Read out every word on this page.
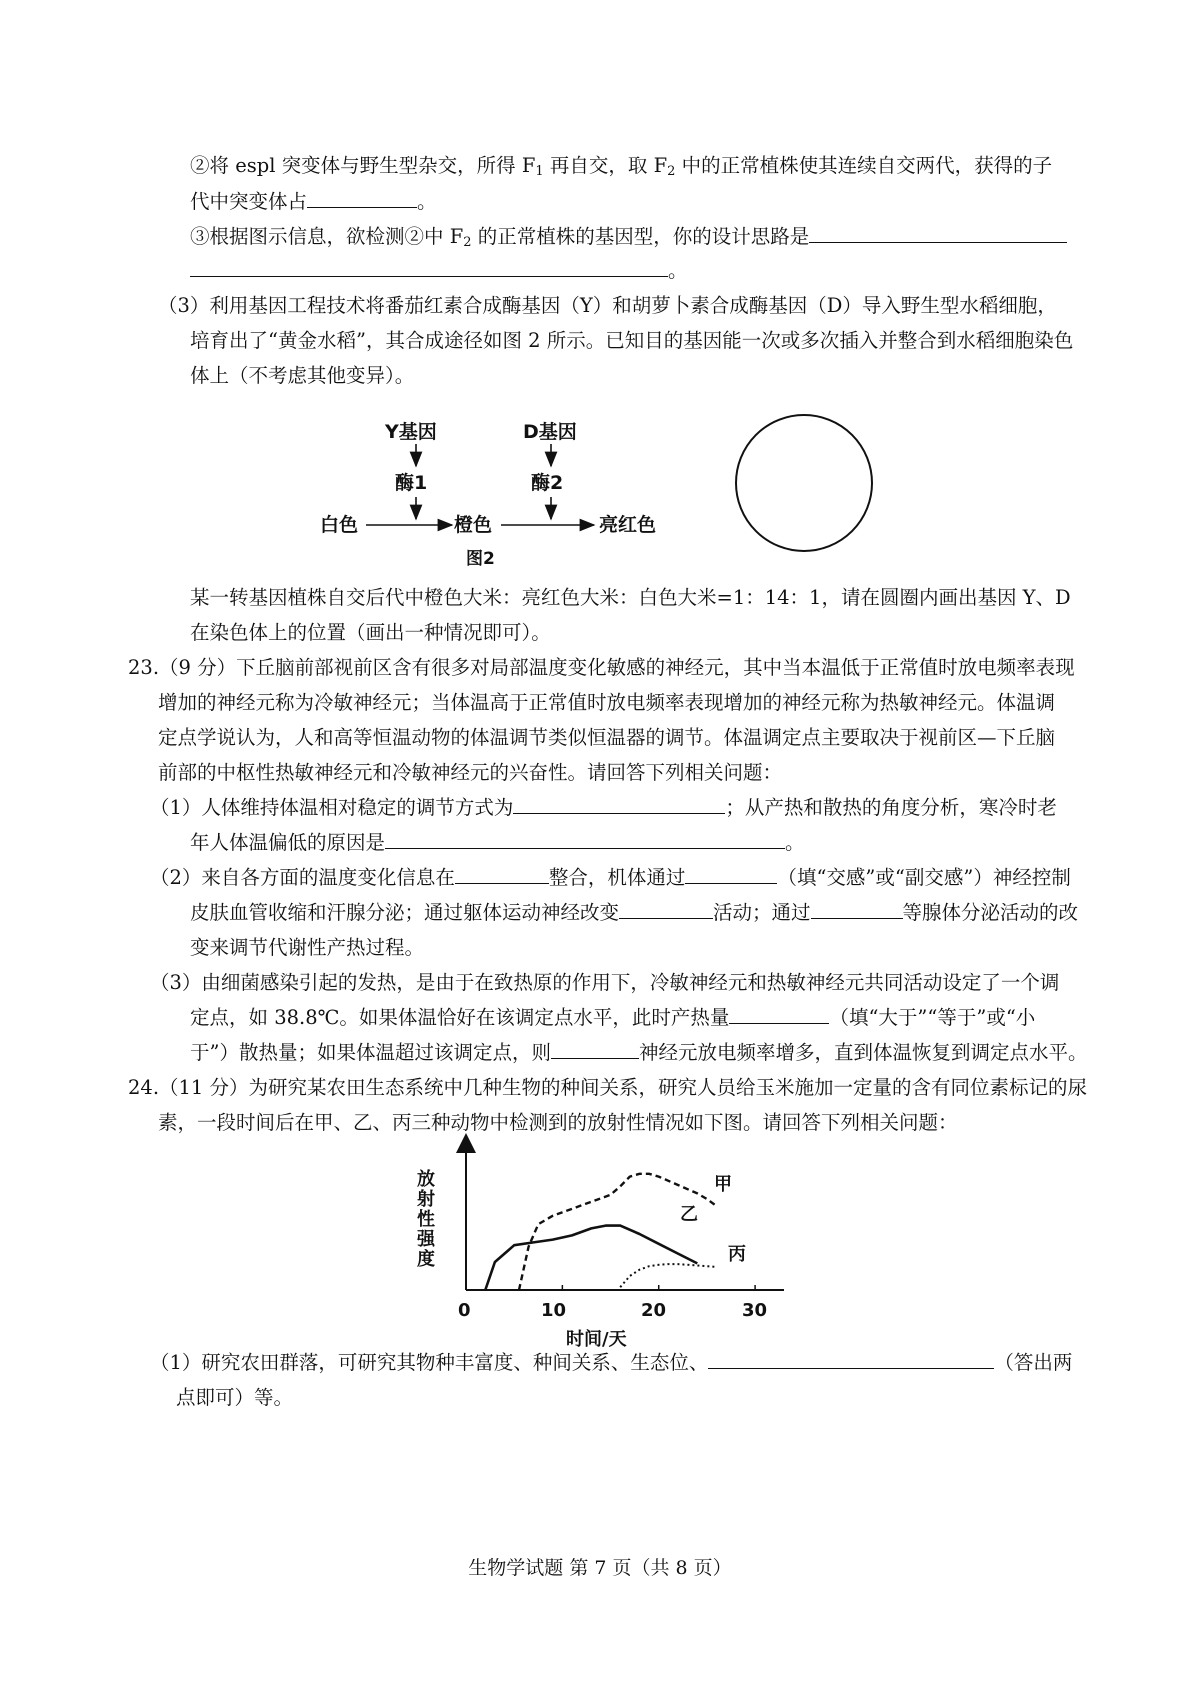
②将 espl 突变体与野生型杂交，所得 $F_1$ 再自交，取 $F_2$ 中的正常植株使其连续自交两代，获得的子
代中突变体占	。
③根据图示信息，欲检测②中 $F_2$ 的正常植株的基因型，你的设计思路是
。
（3）利用基因工程技术将番茄红素合成酶基因（Y）和胡萝卜素合成酶基因（D）导入野生型水稻细胞，
培育出了“黄金水稻”，其合成途径如图 2 所示。已知目的基因能一次或多次插入并整合到水稻细胞染色
体上（不考虑其他变异）。
Y基因
酶1
D基因
酶2
白色	橙色	亮红色
图2
某一转基因植株自交后代中橙色大米：亮红色大米：白色大米=1：14：1，请在圆圈内画出基因 Y、D
在染色体上的位置（画出一种情况即可）。
23.（9 分）下丘脑前部视前区含有很多对局部温度变化敏感的神经元，其中当本温低于正常值时放电频率表现
增加的神经元称为冷敏神经元；当体温高于正常值时放电频率表现增加的神经元称为热敏神经元。体温调
定点学说认为，人和高等恒温动物的体温调节类似恒温器的调节。体温调定点主要取决于视前区—下丘脑
前部的中枢性热敏神经元和冷敏神经元的兴奋性。请回答下列相关问题：
（1）人体维持体温相对稳定的调节方式为	；从产热和散热的角度分析，寒冷时老
年人体温偏低的原因是	。
（2）来自各方面的温度变化信息在	整合，机体通过	（填“交感”或“副交感”）神经控制
皮肤血管收缩和汗腺分泌；通过躯体运动神经改变	活动；通过	等腺体分泌活动的改
变来调节代谢性产热过程。
（3）由细菌感染引起的发热，是由于在致热原的作用下，冷敏神经元和热敏神经元共同活动设定了一个调
定点，如 38.8℃。如果体温恰好在该调定点水平，此时产热量	（填“大于”“等于”或“小
于”）散热量；如果体温超过该调定点，则	神经元放电频率增多，直到体温恢复到调定点水平。
24.（11 分）为研究某农田生态系统中几种生物的种间关系，研究人员给玉米施加一定量的含有同位素标记的尿
素，一段时间后在甲、乙、丙三种动物中检测到的放射性情况如下图。请回答下列相关问题：
放射性强度
0	10	20	30
时间/天
甲
乙
丙
（1）研究农田群落，可研究其物种丰富度、种间关系、生态位、	（答出两
点即可）等。
生物学试题 第 7 页（共 8 页）
